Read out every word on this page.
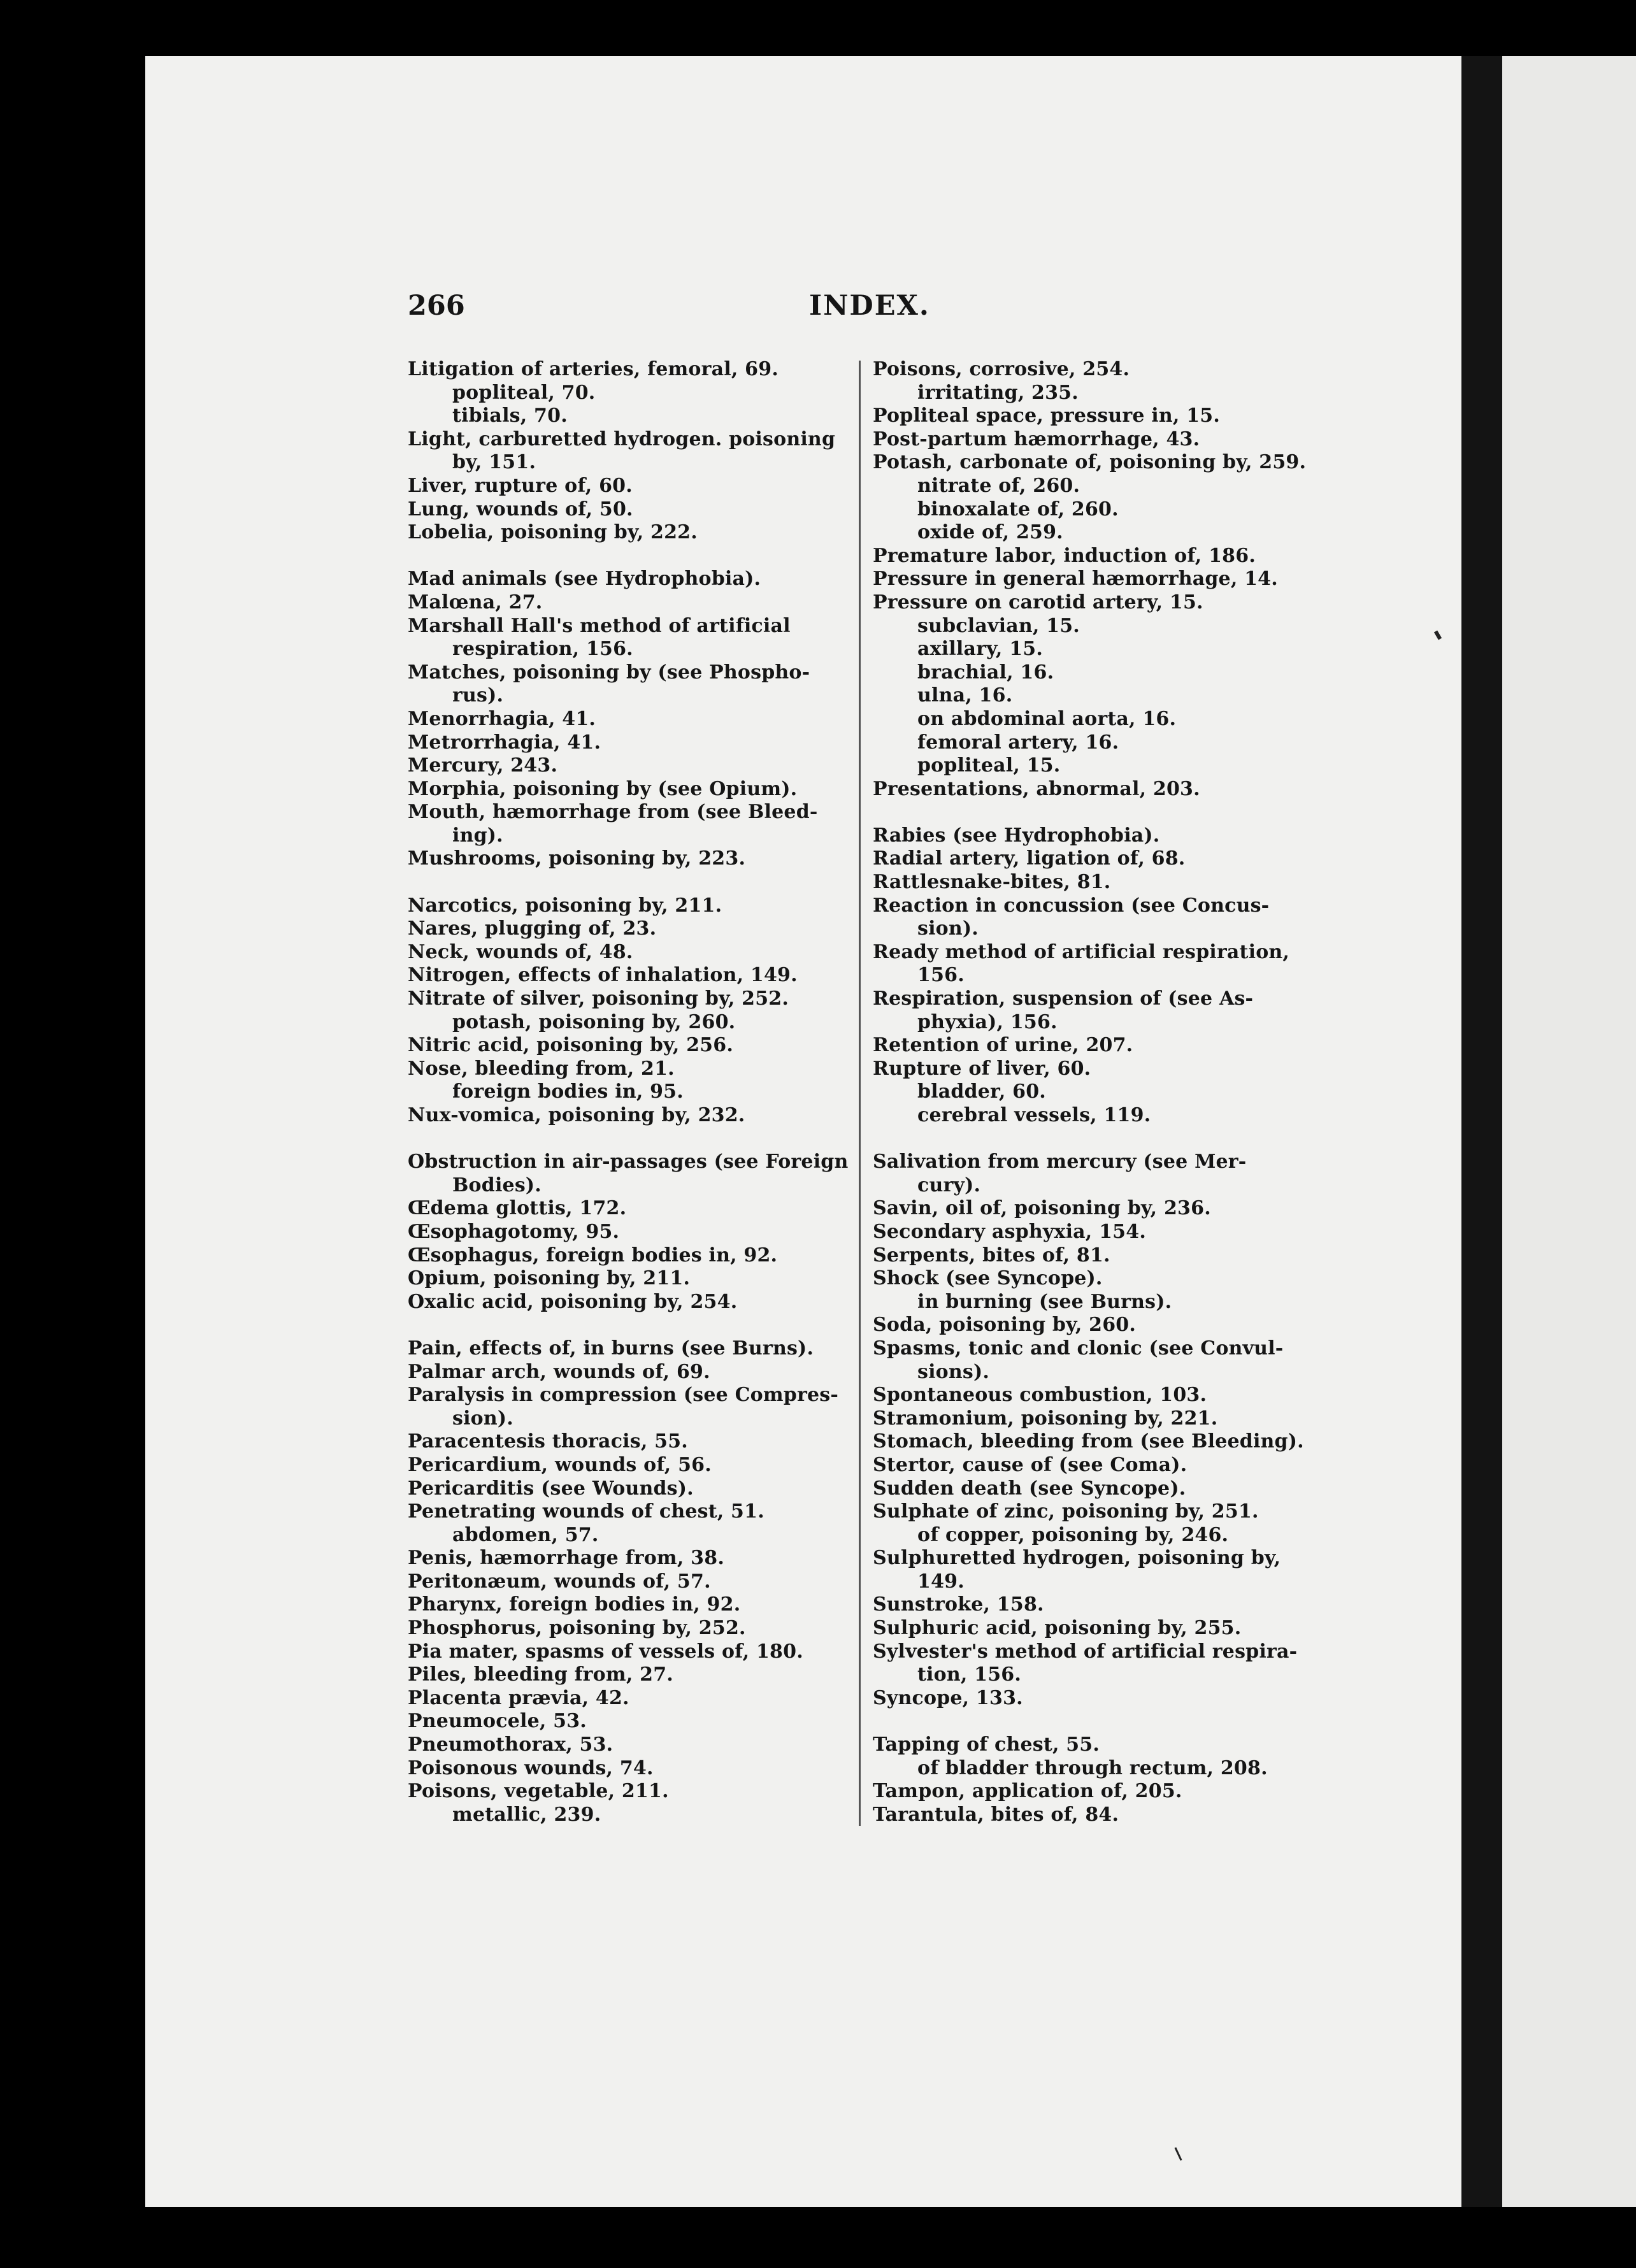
266	INDEX.
Litigation of arteries, femoral, 69.
popliteal, 70.
tibials, 70.
Light, carburetted hydrogen. poisoning
by, 151.
Liver, rupture of, 60.
Lung, wounds of, 50.
Lobelia, poisoning by, 222.
Mad animals (see Hydrophobia).
Malœna, 27.
Marshall Hall's method of artificial
respiration, 156.
Matches, poisoning by (see Phospho-
rus).
Menorrhagia, 41.
Metrorrhagia, 41.
Mercury, 243.
Morphia, poisoning by (see Opium).
Mouth, hæmorrhage from (see Bleed-
ing).
Mushrooms, poisoning by, 223.
Narcotics, poisoning by, 211.
Nares, plugging of, 23.
Neck, wounds of, 48.
Nitrogen, effects of inhalation, 149.
Nitrate of silver, poisoning by, 252.
potash, poisoning by, 260.
Nitric acid, poisoning by, 256.
Nose, bleeding from, 21.
foreign bodies in, 95.
Nux-vomica, poisoning by, 232.
Obstruction in air-passages (see Foreign
Bodies).
Œdema glottis, 172.
Œsophagotomy, 95.
Œsophagus, foreign bodies in, 92.
Opium, poisoning by, 211.
Oxalic acid, poisoning by, 254.
Pain, effects of, in burns (see Burns).
Palmar arch, wounds of, 69.
Paralysis in compression (see Compres-
sion).
Paracentesis thoracis, 55.
Pericardium, wounds of, 56.
Pericarditis (see Wounds).
Penetrating wounds of chest, 51.
abdomen, 57.
Penis, hæmorrhage from, 38.
Peritonæum, wounds of, 57.
Pharynx, foreign bodies in, 92.
Phosphorus, poisoning by, 252.
Pia mater, spasms of vessels of, 180.
Piles, bleeding from, 27.
Placenta prævia, 42.
Pneumocele, 53.
Pneumothorax, 53.
Poisonous wounds, 74.
Poisons, vegetable, 211.
metallic, 239.
Poisons, corrosive, 254.
irritating, 235.
Popliteal space, pressure in, 15.
Post-partum hæmorrhage, 43.
Potash, carbonate of, poisoning by, 259.
nitrate of, 260.
binoxalate of, 260.
oxide of, 259.
Premature labor, induction of, 186.
Pressure in general hæmorrhage, 14.
Pressure on carotid artery, 15.
subclavian, 15.
axillary, 15.
brachial, 16.
ulna, 16.
on abdominal aorta, 16.
femoral artery, 16.
popliteal, 15.
Presentations, abnormal, 203.
Rabies (see Hydrophobia).
Radial artery, ligation of, 68.
Rattlesnake-bites, 81.
Reaction in concussion (see Concus-
sion).
Ready method of artificial respiration,
156.
Respiration, suspension of (see As-
phyxia), 156.
Retention of urine, 207.
Rupture of liver, 60.
bladder, 60.
cerebral vessels, 119.
Salivation from mercury (see Mer-
cury).
Savin, oil of, poisoning by, 236.
Secondary asphyxia, 154.
Serpents, bites of, 81.
Shock (see Syncope).
in burning (see Burns).
Soda, poisoning by, 260.
Spasms, tonic and clonic (see Convul-
sions).
Spontaneous combustion, 103.
Stramonium, poisoning by, 221.
Stomach, bleeding from (see Bleeding).
Stertor, cause of (see Coma).
Sudden death (see Syncope).
Sulphate of zinc, poisoning by, 251.
of copper, poisoning by, 246.
Sulphuretted hydrogen, poisoning by,
149.
Sunstroke, 158.
Sulphuric acid, poisoning by, 255.
Sylvester's method of artificial respira-
tion, 156.
Syncope, 133.
Tapping of chest, 55.
of bladder through rectum, 208.
Tampon, application of, 205.
Tarantula, bites of, 84.
